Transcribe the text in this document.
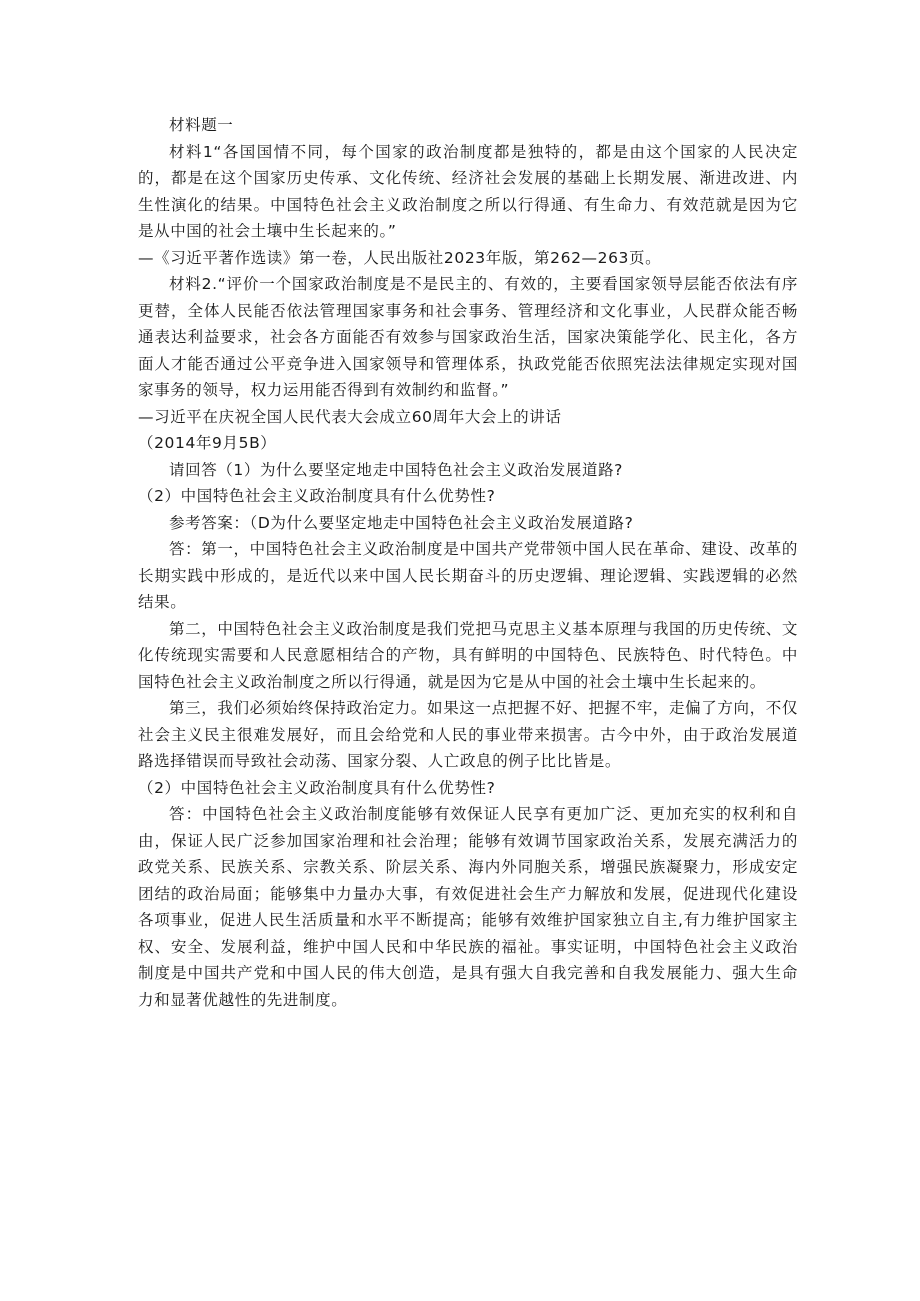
材料题一

材料1“各国国情不同，每个国家的政治制度都是独特的，都是由这个国家的人民决定的，都是在这个国家历史传承、文化传统、经济社会发展的基础上长期发展、渐进改进、内生性演化的结果。中国特色社会主义政治制度之所以行得通、有生命力、有效范就是因为它是从中国的社会土壤中生长起来的。”

—《习近平著作选读》第一卷，人民出版社2023年版，第262—263页。

材料2.“评价一个国家政治制度是不是民主的、有效的，主要看国家领导层能否依法有序更替，全体人民能否依法管理国家事务和社会事务、管理经济和文化事业，人民群众能否畅通表达利益要求，社会各方面能否有效参与国家政治生活，国家决策能学化、民主化，各方面人才能否通过公平竞争进入国家领导和管理体系，执政党能否依照宪法法律规定实现对国家事务的领导，权力运用能否得到有效制约和监督。”

—习近平在庆祝全国人民代表大会成立60周年大会上的讲话

（2014年9月5B）

请回答（1）为什么要坚定地走中国特色社会主义政治发展道路?

（2）中国特色社会主义政治制度具有什么优势性?

参考答案：（D为什么要坚定地走中国特色社会主义政治发展道路?

答：第一，中国特色社会主义政治制度是中国共产党带领中国人民在革命、建设、改革的长期实践中形成的，是近代以来中国人民长期奋斗的历史逻辑、理论逻辑、实践逻辑的必然结果。

第二，中国特色社会主义政治制度是我们党把马克思主义基本原理与我国的历史传统、文化传统现实需要和人民意愿相结合的产物，具有鲜明的中国特色、民族特色、时代特色。中国特色社会主义政治制度之所以行得通，就是因为它是从中国的社会土壤中生长起来的。

第三，我们必须始终保持政治定力。如果这一点把握不好、把握不牢，走偏了方向，不仅社会主义民主很难发展好，而且会给党和人民的事业带来损害。古今中外，由于政治发展道路选择错误而导致社会动荡、国家分裂、人亡政息的例子比比皆是。

（2）中国特色社会主义政治制度具有什么优势性?

答：中国特色社会主义政治制度能够有效保证人民享有更加广泛、更加充实的权利和自由，保证人民广泛参加国家治理和社会治理；能够有效调节国家政治关系，发展充满活力的政党关系、民族关系、宗教关系、阶层关系、海内外同胞关系，增强民族凝聚力，形成安定团结的政治局面；能够集中力量办大事，有效促进社会生产力解放和发展，促进现代化建设各项事业，促进人民生活质量和水平不断提高；能够有效维护国家独立自主,有力维护国家主权、安全、发展利益，维护中国人民和中华民族的福祉。事实证明，中国特色社会主义政治制度是中国共产党和中国人民的伟大创造，是具有强大自我完善和自我发展能力、强大生命力和显著优越性的先进制度。
